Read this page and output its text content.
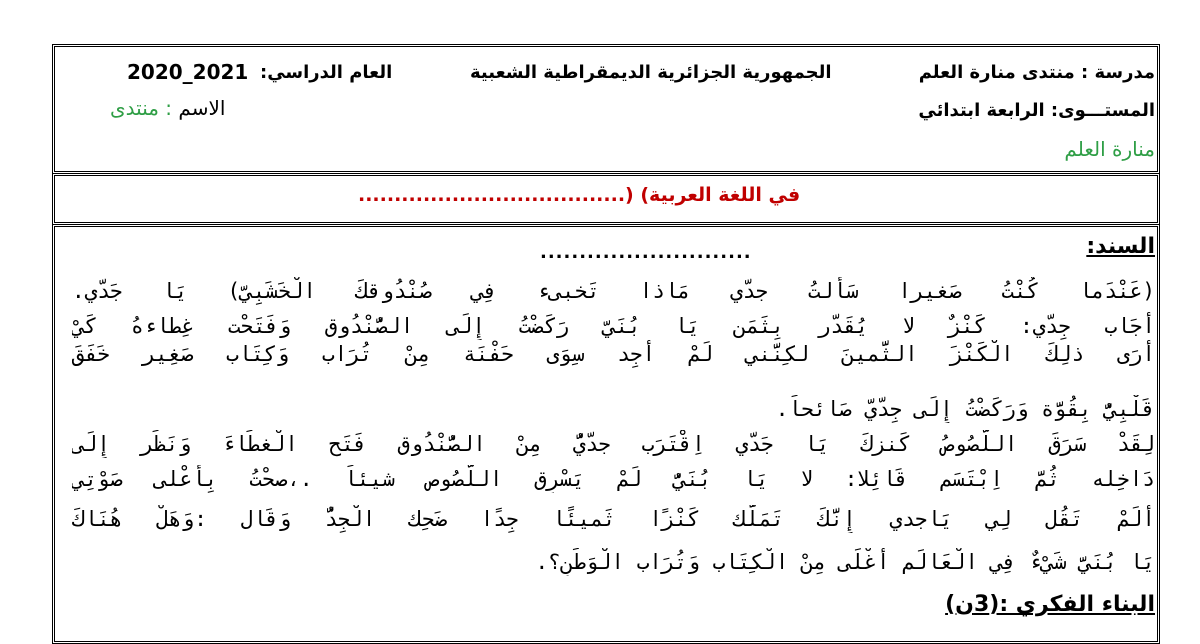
مدرسة : منتدى منارة العلم
الجمهورية الجزائرية الديمقراطية الشعبية
العام الدراسي:
2020_2021
المستـــوى: الرابعة ابتدائي
الاسم : منتدى
منارة العلم
في اللغة العربية) (.....................................
السند:
...........................
(عَنْدَما كُنْتُ صَغيرا سَأَلتُ جدّي مَاذا تَخبىء فِي صُنْدُوقكَ الْخَشَبِيّ) يَا جَدّي.
أَجَاب جِدّي: كَنْزٌ لا يُقَدّر بِثَمَن يَا بُنَيّ رَكَضْتُ إِلَى الصُّنْدُوق وَفَتَحْت غِطاءهُ كَيْ
أَرَى ذلِكَ الْكَنْزَ الثَّمينَ لكِنَّني لَمْ أَجِد سِوَى حَفْنَة مِنْ تُرَاب وَكِتَاب صَغِير خَفَقَ
قَلْبِيُّ بِقُوَّة وَرَكَضْتُ إِلَى جِدّيّ صَائحاً.
لِقَدْ سَرَقَ اللُّصُوصُ كَنزكَ يَا جَدّي اِقْتَرَب جدّيُّ مِنْ الصُّنْدُوق فَتَح الْغطَاءَ وَنَظَر إِلَى
دَاخِله ثُمَّ اِبْتَسَم قَائِلا: لا يَا بُنَيُّ لَمْ يَسْرِق اللُّصُوص شيئاً .،صحْتُ بِأَعْلى صَوْتِي
أَلَمْ تَقُل لِي يَاجدي إِنَّكَ تَمَلَّك كَنْزًا ثَميئًا جِدًا ضَحِك الْجِدُّ وَقَال :وَهَلْ هُنَاكَ
يَا بُنَيَّ شَيْءٌ فِي الْعَالَم أَغْلَى مِنْ الْكِتَاب وَتُرَاب الْوَطَنِ؟.
البناء الفكري :(3ن)
